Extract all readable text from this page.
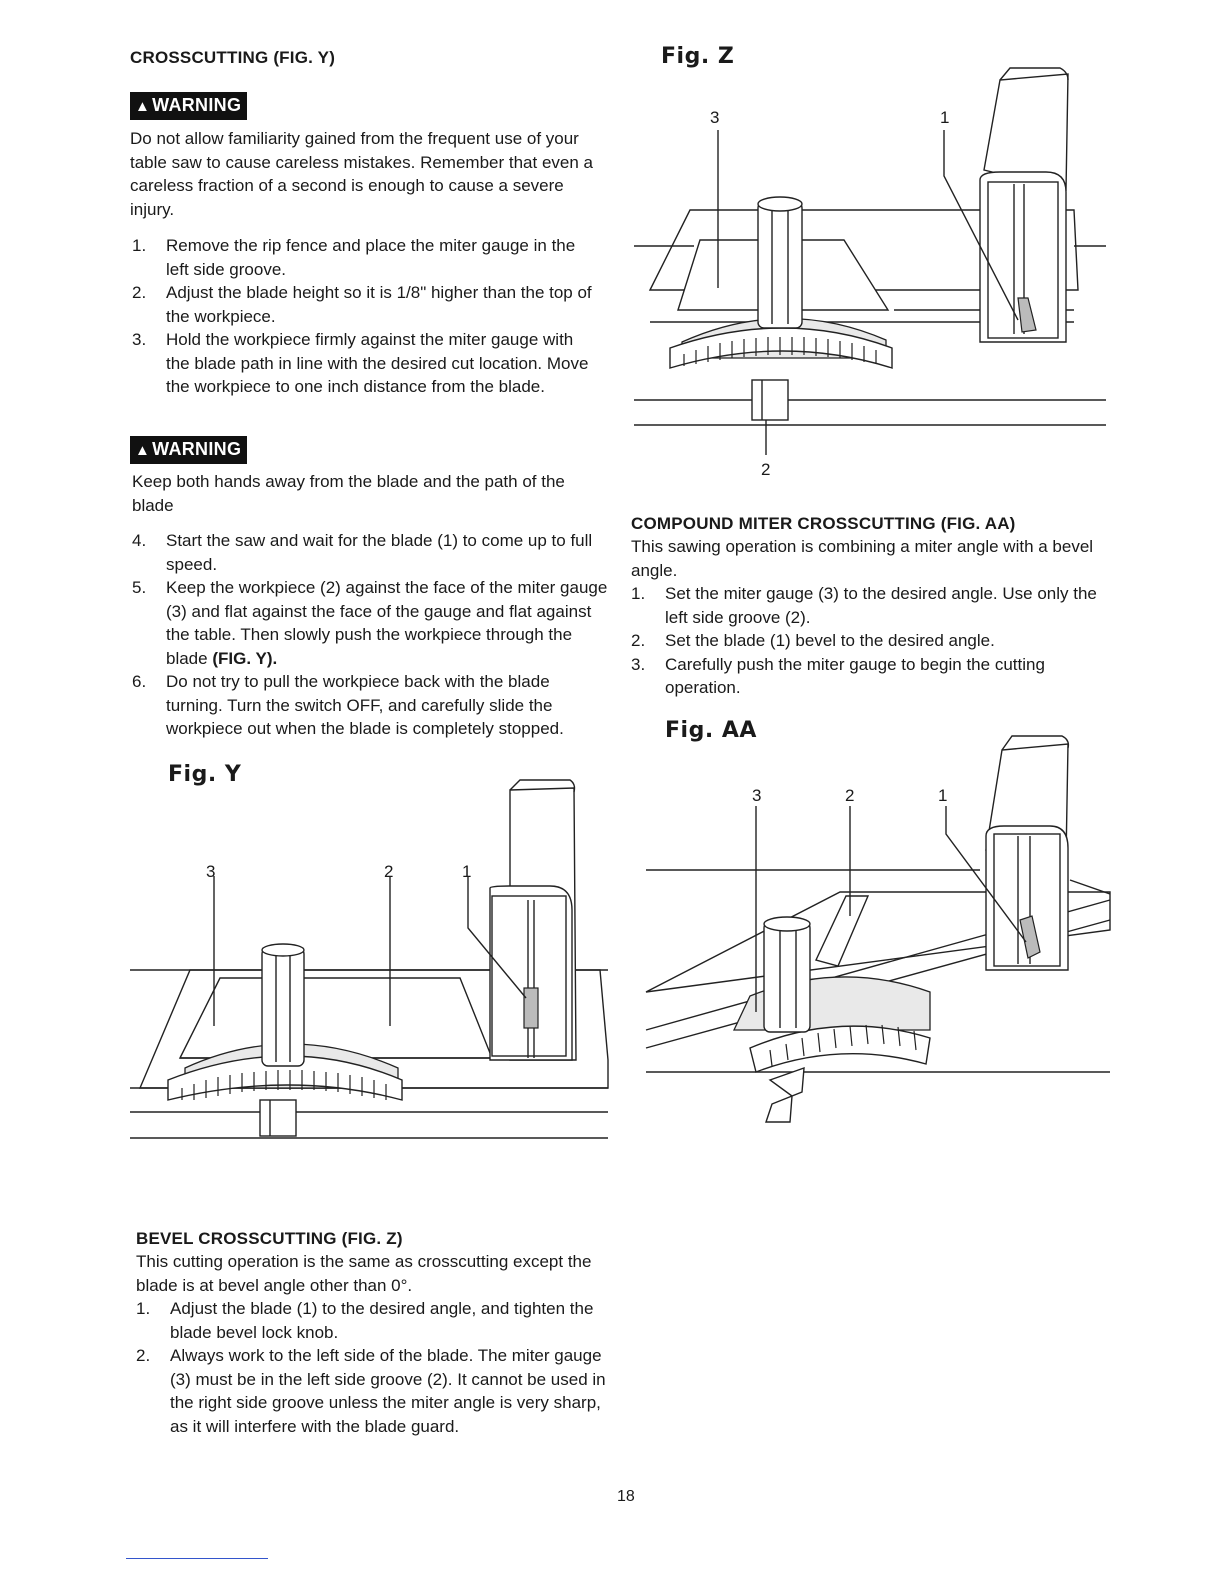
CROSSCUTTING (FIG. Y)
▲ WARNING
Do not allow familiarity gained from the frequent use of your table saw to cause careless mistakes. Remember that even a careless fraction of a second is enough to cause a severe injury.
1. Remove the rip fence and place the miter gauge in the left side groove.
2. Adjust the blade height so it is 1/8" higher than the top of the workpiece.
3. Hold the workpiece firmly against the miter gauge with the blade path in line with the desired cut location. Move the workpiece to one inch distance from the blade.
▲ WARNING
Keep both hands away from the blade and the path of the blade
4. Start the saw and wait for the blade (1) to come up to full speed.
5. Keep the workpiece (2) against the face of the miter gauge (3) and flat against the face of the gauge and flat against the table. Then slowly push the workpiece through the blade (FIG. Y).
6. Do not try to pull the workpiece back with the blade turning. Turn the switch OFF, and carefully slide the workpiece out when the blade is completely stopped.
Fig. Y
3	2	1
BEVEL CROSSCUTTING (FIG. Z)
This cutting operation is the same as crosscutting except the blade is at bevel angle other than 0°.
1. Adjust the blade (1) to the desired angle, and tighten the blade bevel lock knob.
2. Always work to the left side of the blade. The miter gauge (3) must be in the left side groove (2). It cannot be used in the right side groove unless the miter angle is very sharp, as it will interfere with the blade guard.
Fig. Z
3	1
2
COMPOUND MITER CROSSCUTTING (FIG. AA)
This sawing operation is combining a miter angle with a bevel angle.
1. Set the miter gauge (3) to the desired angle. Use only the left side groove (2).
2. Set the blade (1) bevel to the desired angle.
3. Carefully push the miter gauge to begin the cutting operation.
Fig. AA
3	2	1
18
